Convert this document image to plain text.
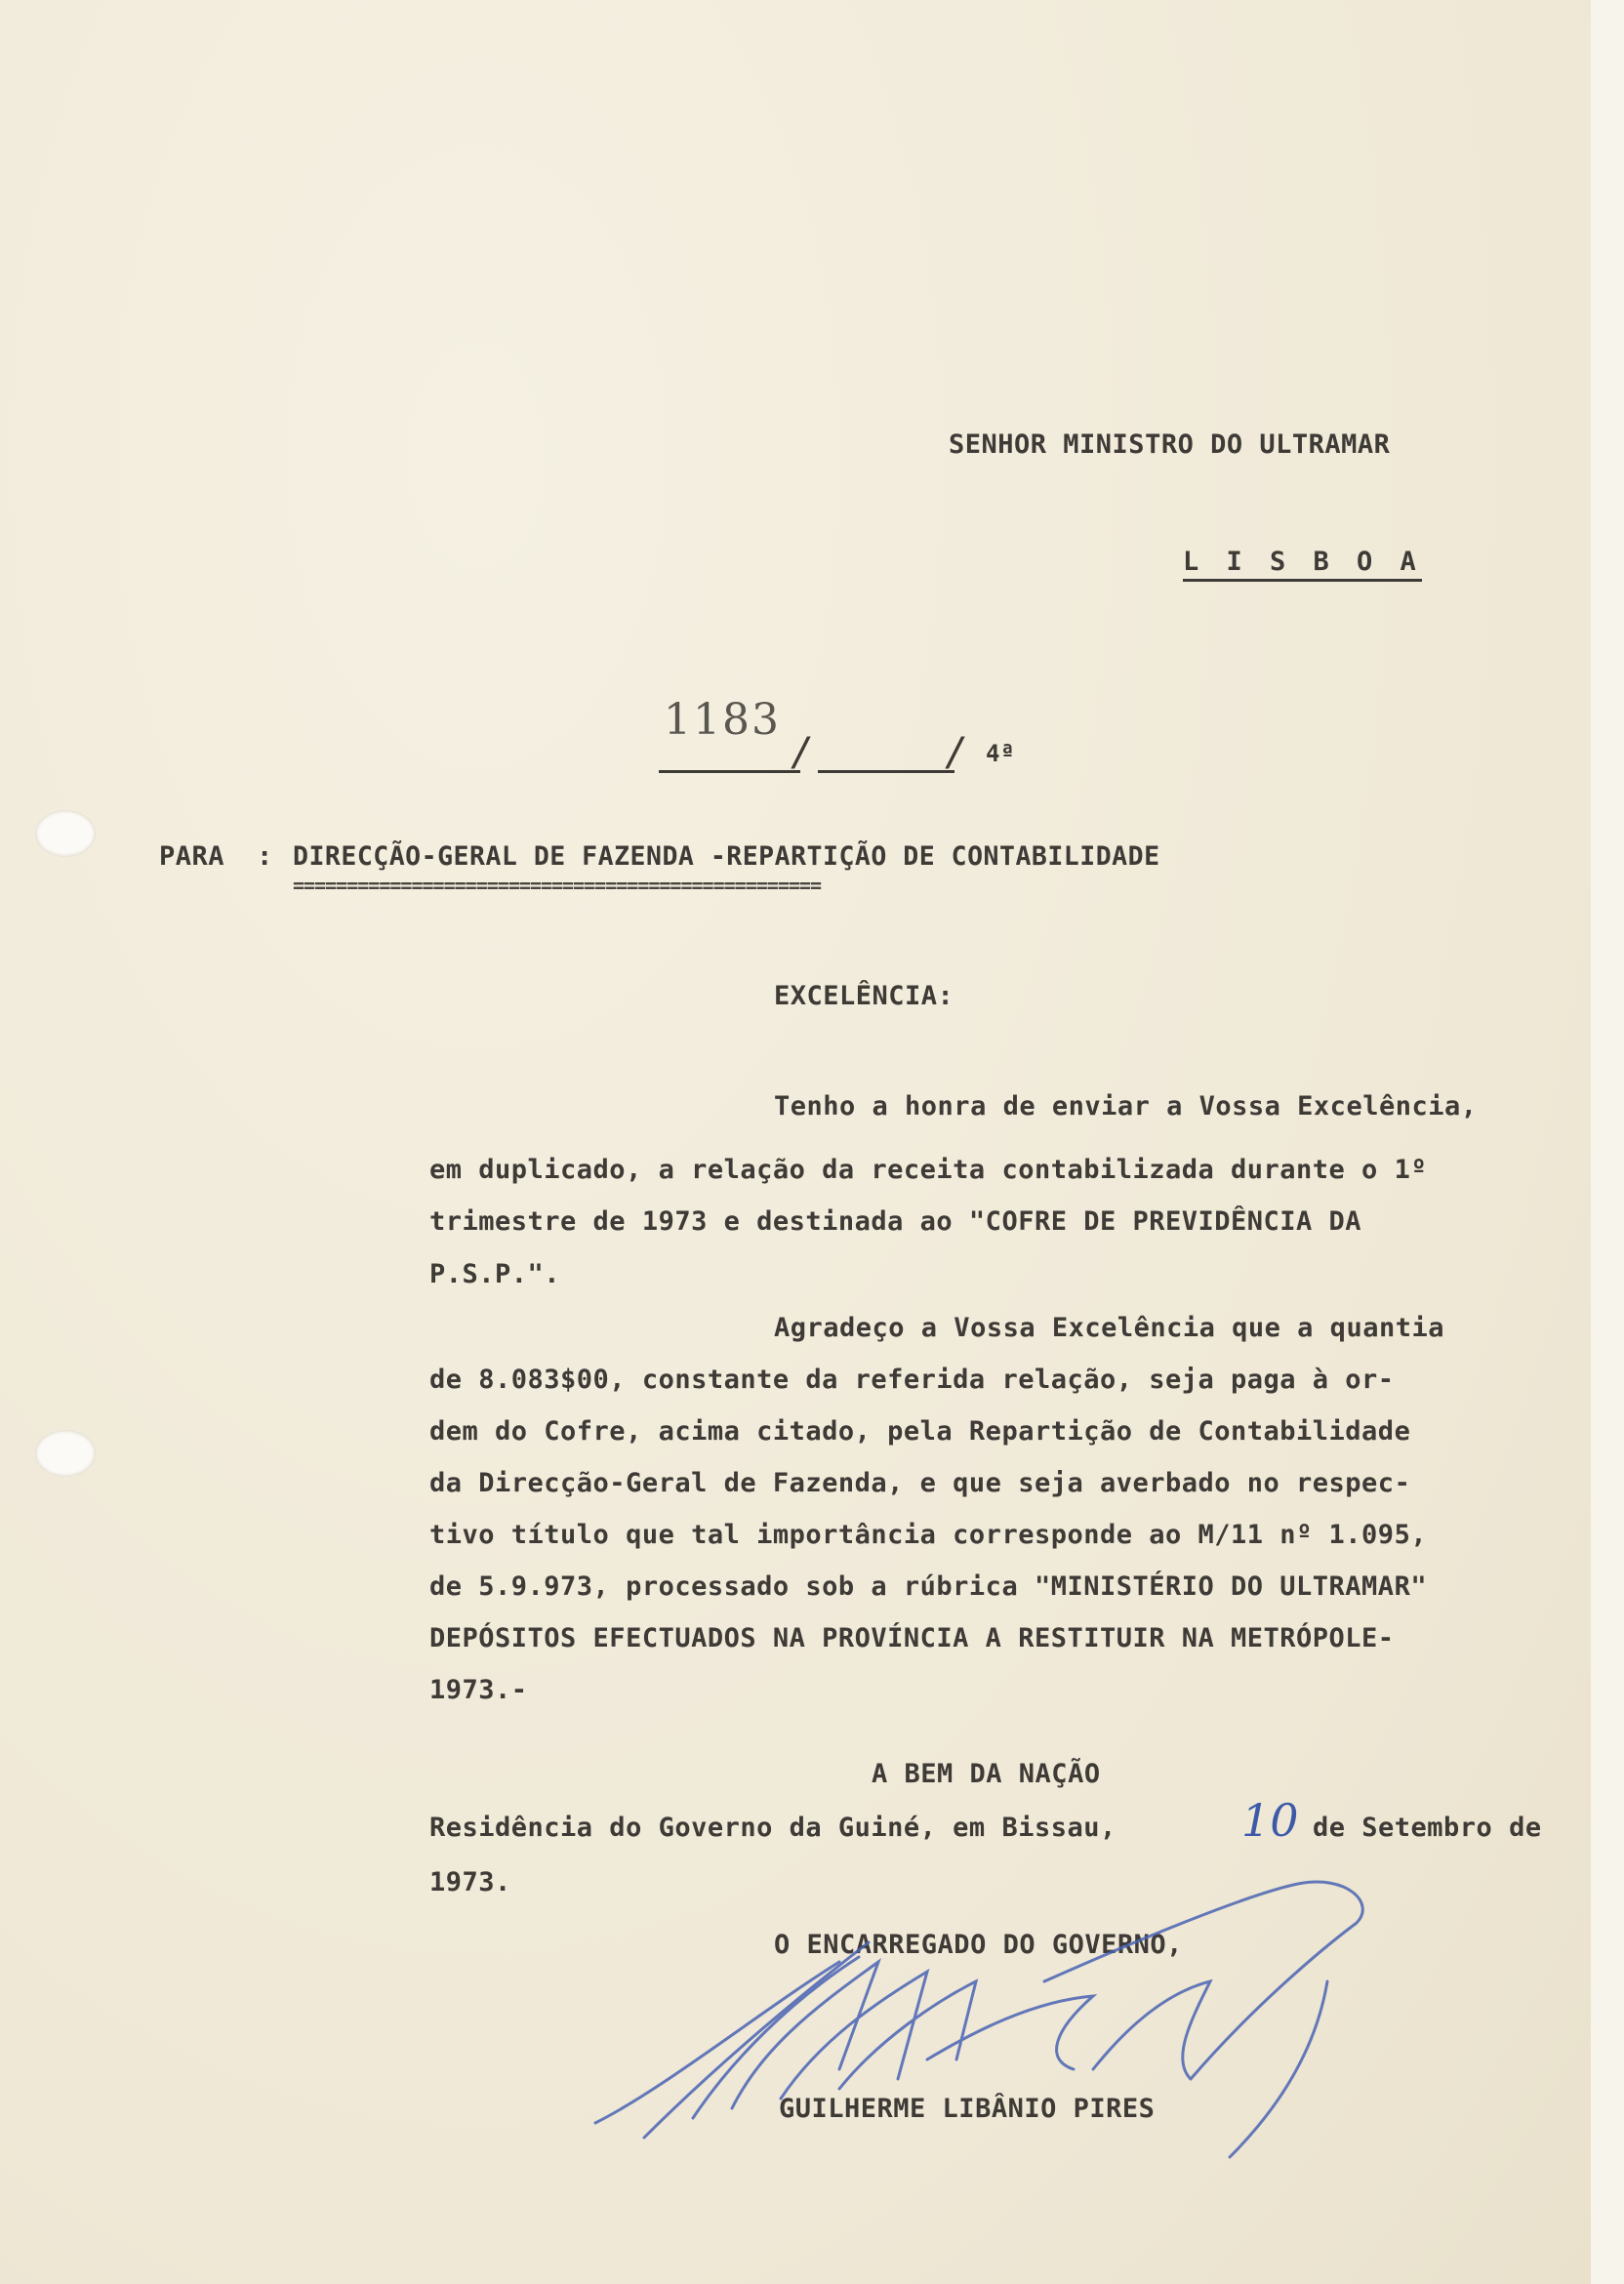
SENHOR MINISTRO DO ULTRAMAR
L I S B O A
1183
/	/ 4ª
PARA : DIRECÇÃO-GERAL DE FAZENDA -REPARTIÇÃO DE CONTABILIDADE
=================================================
EXCELÊNCIA:
Tenho a honra de enviar a Vossa Excelência,
em duplicado, a relação da receita contabilizada durante o 1º
trimestre de 1973 e destinada ao "COFRE DE PREVIDÊNCIA DA
P.S.P.".
Agradeço a Vossa Excelência que a quantia
de 8.083$00, constante da referida relação, seja paga à or-
dem do Cofre, acima citado, pela Repartição de Contabilidade
da Direcção-Geral de Fazenda, e que seja averbado no respec-
tivo título que tal importância corresponde ao M/11 nº 1.095,
de 5.9.973, processado sob a rúbrica "MINISTÉRIO DO ULTRAMAR"
DEPÓSITOS EFECTUADOS NA PROVÍNCIA A RESTITUIR NA METRÓPOLE-
1973.-
A BEM DA NAÇÃO
Residência do Governo da Guiné, em Bissau,	10 de Setembro de
1973.
O ENCARREGADO DO GOVERNO,
GUILHERME LIBÂNIO PIRES
